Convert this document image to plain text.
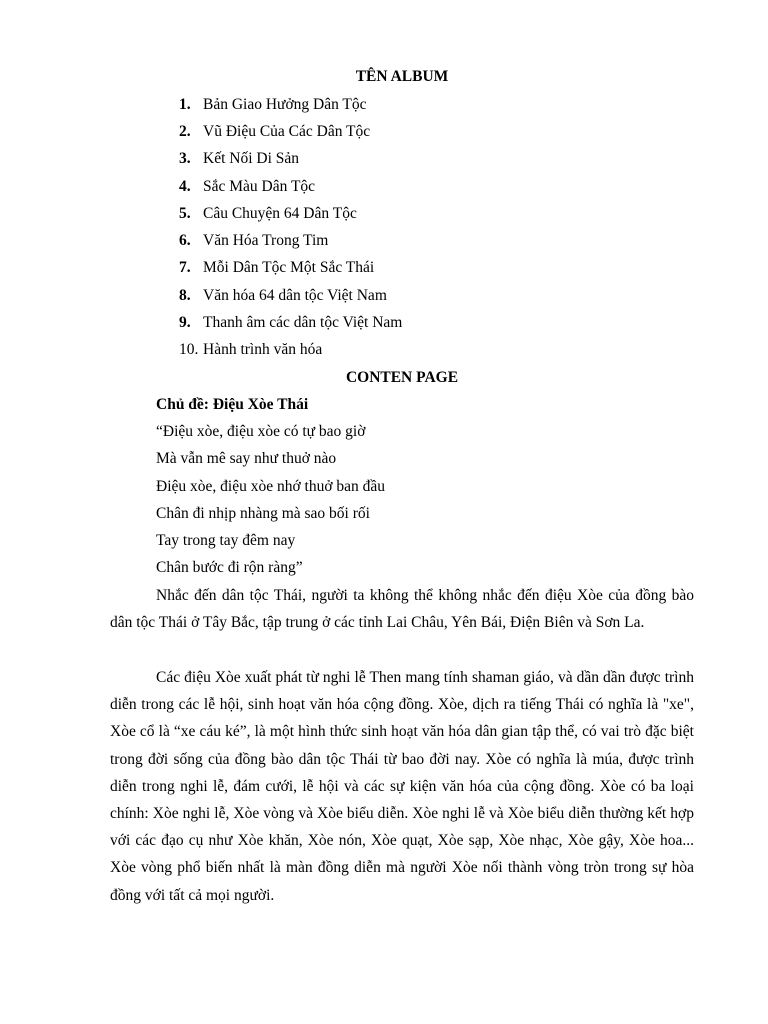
TÊN ALBUM
1. Bản Giao Hưởng Dân Tộc
2. Vũ Điệu Của Các Dân Tộc
3. Kết Nối Di Sản
4. Sắc Màu Dân Tộc
5. Câu Chuyện 64 Dân Tộc
6. Văn Hóa Trong Tim
7. Mỗi Dân Tộc Một Sắc Thái
8. Văn hóa 64 dân tộc Việt Nam
9. Thanh âm các dân tộc Việt Nam
10. Hành trình văn hóa
CONTEN PAGE
Chủ đề: Điệu Xòe Thái
“Điệu xòe, điệu xòe có tự bao giờ
Mà vẫn mê say như thuở nào
Điệu xòe, điệu xòe nhớ thuở ban đầu
Chân đi nhịp nhàng mà sao bối rối
Tay trong tay đêm nay
Chân bước đi rộn ràng”

Nhắc đến dân tộc Thái, người ta không thể không nhắc đến điệu Xòe của đồng bào dân tộc Thái ở Tây Bắc, tập trung ở các tỉnh Lai Châu, Yên Bái, Điện Biên và Sơn La.

Các điệu Xòe xuất phát từ nghi lễ Then mang tính shaman giáo, và dần dần được trình diễn trong các lễ hội, sinh hoạt văn hóa cộng đồng. Xòe, dịch ra tiếng Thái có nghĩa là "xe", Xòe cổ là “xe cáu ké”, là một hình thức sinh hoạt văn hóa dân gian tập thể, có vai trò đặc biệt trong đời sống của đồng bào dân tộc Thái từ bao đời nay. Xòe có nghĩa là múa, được trình diễn trong nghi lễ, đám cưới, lễ hội và các sự kiện văn hóa của cộng đồng. Xòe có ba loại chính: Xòe nghi lễ, Xòe vòng và Xòe biểu diễn. Xòe nghi lễ và Xòe biểu diễn thường kết hợp với các đạo cụ như Xòe khăn, Xòe nón, Xòe quạt, Xòe sạp, Xòe nhạc, Xòe gậy, Xòe hoa... Xòe vòng phổ biến nhất là màn đồng diễn mà người Xòe nối thành vòng tròn trong sự hòa đồng với tất cả mọi người.
